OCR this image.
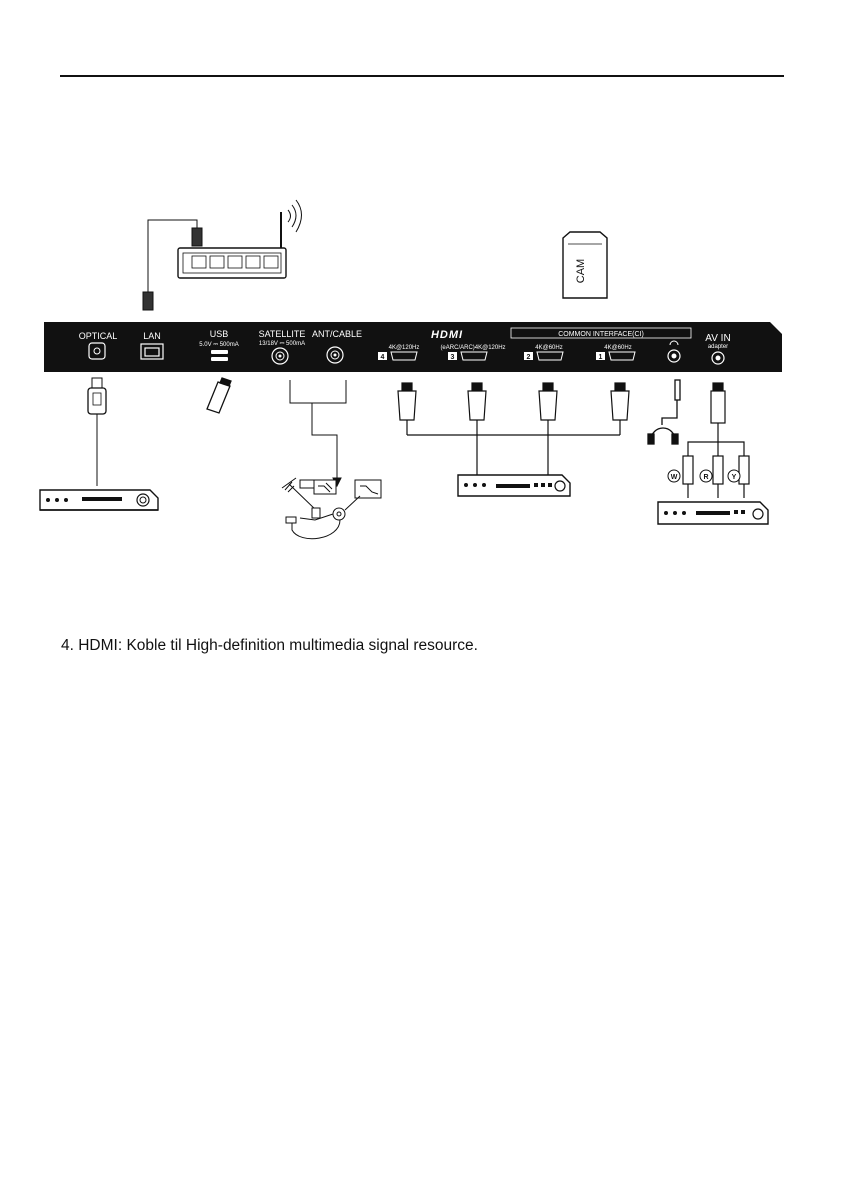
CAM
OPTICAL	LAN	USB
5.0V ⎓ 500mA
SATELLITE
13/18V ⎓ 500mA
ANT/CABLE	HDMI	COMMON INTERFACE(CI)
4K@120Hz
4
(eARC/ARC)4K@120Hz
3
4K@60Hz
2
4K@60Hz
1
AV IN
adapter
W	R	Y
4. HDMI: Koble til High-definition multimedia signal resource.
